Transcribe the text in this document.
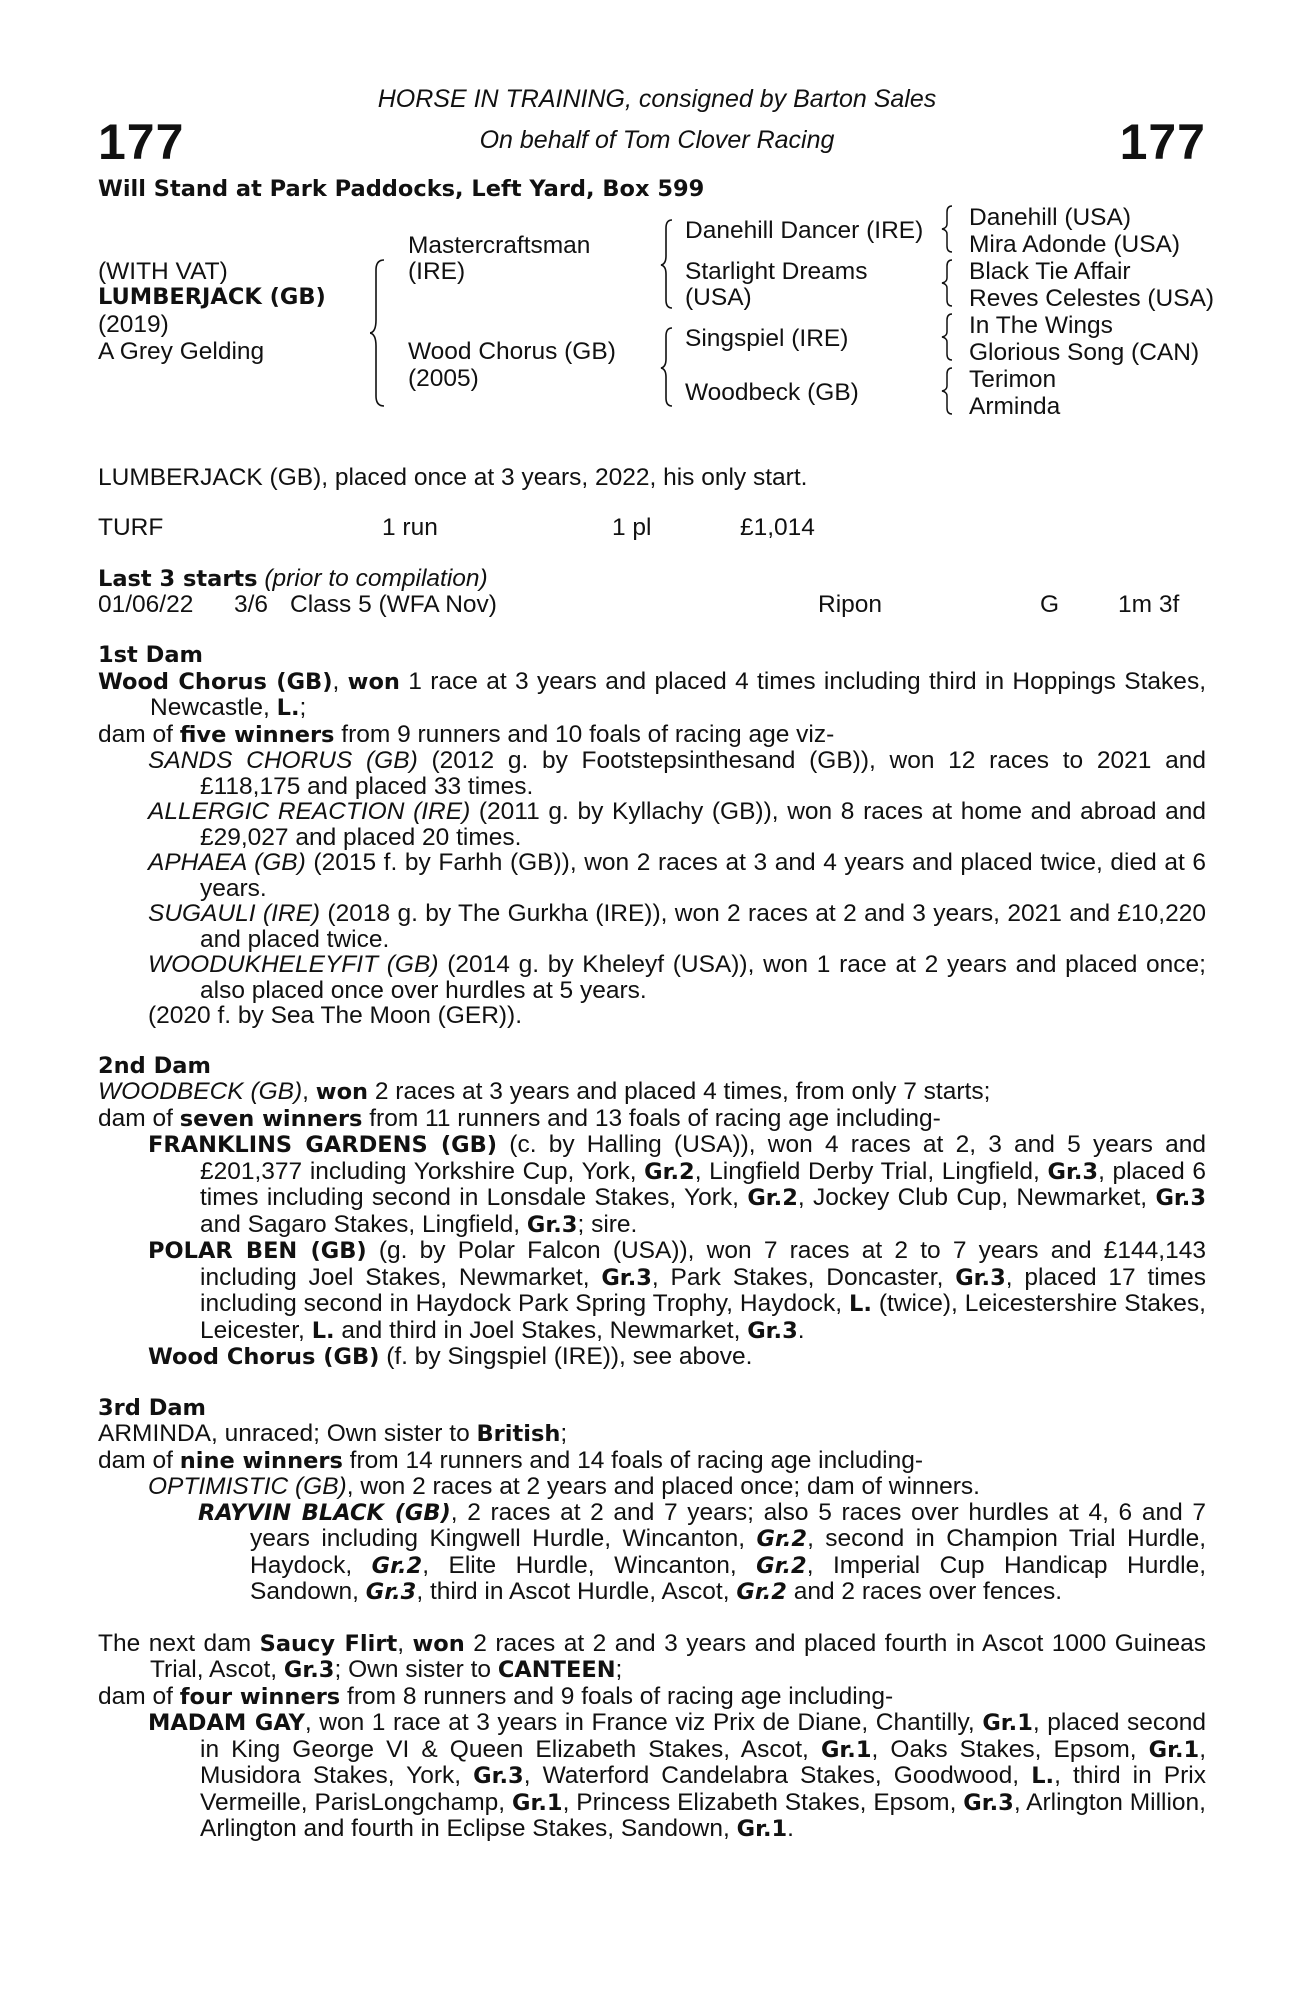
177	177
HORSE IN TRAINING, consigned by Barton Sales
On behalf of Tom Clover Racing
Will Stand at Park Paddocks, Left Yard, Box 599
(WITH VAT)
LUMBERJACK (GB)
(2019)
A Grey Gelding
Mastercraftsman
(IRE)
Wood Chorus (GB)
(2005)
Danehill Dancer (IRE)
Starlight Dreams
(USA)
Singspiel (IRE)
Woodbeck (GB)
Danehill (USA)
Mira Adonde (USA)
Black Tie Affair
Reves Celestes (USA)
In The Wings
Glorious Song (CAN)
Terimon
Arminda
LUMBERJACK (GB), placed once at 3 years, 2022, his only start.
TURF	1 run	1 pl	£1,014
Last 3 starts (prior to compilation)
01/06/22 3/6 Class 5 (WFA Nov)	Ripon	G 1m 3f
1st Dam
Wood Chorus (GB), won 1 race at 3 years and placed 4 times including third in Hoppings Stakes, Newcastle, L.;
dam of five winners from 9 runners and 10 foals of racing age viz-
SANDS CHORUS (GB) (2012 g. by Footstepsinthesand (GB)), won 12 races to 2021 and £118,175 and placed 33 times.
ALLERGIC REACTION (IRE) (2011 g. by Kyllachy (GB)), won 8 races at home and abroad and £29,027 and placed 20 times.
APHAEA (GB) (2015 f. by Farhh (GB)), won 2 races at 3 and 4 years and placed twice, died at 6 years.
SUGAULI (IRE) (2018 g. by The Gurkha (IRE)), won 2 races at 2 and 3 years, 2021 and £10,220 and placed twice.
WOODUKHELEYFIT (GB) (2014 g. by Kheleyf (USA)), won 1 race at 2 years and placed once; also placed once over hurdles at 5 years.
(2020 f. by Sea The Moon (GER)).
2nd Dam
WOODBECK (GB), won 2 races at 3 years and placed 4 times, from only 7 starts;
dam of seven winners from 11 runners and 13 foals of racing age including-
FRANKLINS GARDENS (GB) (c. by Halling (USA)), won 4 races at 2, 3 and 5 years and £201,377 including Yorkshire Cup, York, Gr.2, Lingfield Derby Trial, Lingfield, Gr.3, placed 6 times including second in Lonsdale Stakes, York, Gr.2, Jockey Club Cup, Newmarket, Gr.3 and Sagaro Stakes, Lingfield, Gr.3; sire.
POLAR BEN (GB) (g. by Polar Falcon (USA)), won 7 races at 2 to 7 years and £144,143 including Joel Stakes, Newmarket, Gr.3, Park Stakes, Doncaster, Gr.3, placed 17 times including second in Haydock Park Spring Trophy, Haydock, L. (twice), Leicestershire Stakes, Leicester, L. and third in Joel Stakes, Newmarket, Gr.3.
Wood Chorus (GB) (f. by Singspiel (IRE)), see above.
3rd Dam
ARMINDA, unraced; Own sister to British;
dam of nine winners from 14 runners and 14 foals of racing age including-
OPTIMISTIC (GB), won 2 races at 2 years and placed once; dam of winners.
RAYVIN BLACK (GB), 2 races at 2 and 7 years; also 5 races over hurdles at 4, 6 and 7 years including Kingwell Hurdle, Wincanton, Gr.2, second in Champion Trial Hurdle, Haydock, Gr.2, Elite Hurdle, Wincanton, Gr.2, Imperial Cup Handicap Hurdle, Sandown, Gr.3, third in Ascot Hurdle, Ascot, Gr.2 and 2 races over fences.
The next dam Saucy Flirt, won 2 races at 2 and 3 years and placed fourth in Ascot 1000 Guineas Trial, Ascot, Gr.3; Own sister to CANTEEN;
dam of four winners from 8 runners and 9 foals of racing age including-
MADAM GAY, won 1 race at 3 years in France viz Prix de Diane, Chantilly, Gr.1, placed second in King George VI & Queen Elizabeth Stakes, Ascot, Gr.1, Oaks Stakes, Epsom, Gr.1, Musidora Stakes, York, Gr.3, Waterford Candelabra Stakes, Goodwood, L., third in Prix Vermeille, ParisLongchamp, Gr.1, Princess Elizabeth Stakes, Epsom, Gr.3, Arlington Million, Arlington and fourth in Eclipse Stakes, Sandown, Gr.1.
